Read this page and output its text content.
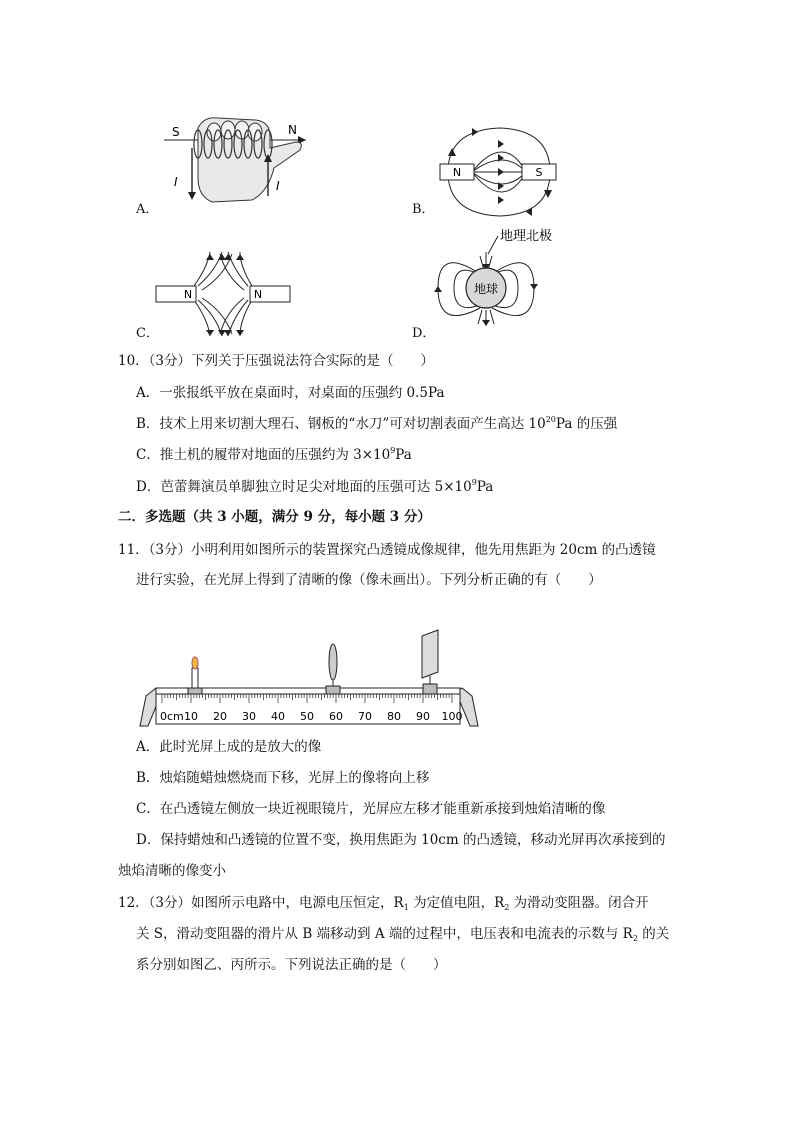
S	N
I	I
A．
N	S
B．
N	N
C．
地理北极
地球
D．
10．（3分）下列关于压强说法符合实际的是（　　）
A．一张报纸平放在桌面时，对桌面的压强约 0.5Pa
B．技术上用来切割大理石、钢板的“水刀”可对切割表面产生高达 $10^{20}Pa$ 的压强
C．推土机的履带对地面的压强约为 $3\times 10^9Pa$
D．芭蕾舞演员单脚独立时足尖对地面的压强可达 $5\times 10^9Pa$
二．多选题（共 3 小题，满分 9 分，每小题 3 分）
11．（3分）小明利用如图所示的装置探究凸透镜成像规律，他先用焦距为 20cm 的凸透镜
进行实验，在光屏上得到了清晰的像（像未画出）。下列分析正确的有（　　）
0cm 10 20 30 40 50 60 70 80 90 100
A．此时光屏上成的是放大的像
B．烛焰随蜡烛燃烧而下移，光屏上的像将向上移
C．在凸透镜左侧放一块近视眼镜片，光屏应左移才能重新承接到烛焰清晰的像
D．保持蜡烛和凸透镜的位置不变，换用焦距为 10cm 的凸透镜，移动光屏再次承接到的
烛焰清晰的像变小
12．（3分）如图所示电路中，电源电压恒定，$R_1$ 为定值电阻，$R_2$ 为滑动变阻器。闭合开
关 S，滑动变阻器的滑片从 B 端移动到 A 端的过程中，电压表和电流表的示数与 $R_2$ 的关
系分别如图乙、丙所示。下列说法正确的是（　　）
